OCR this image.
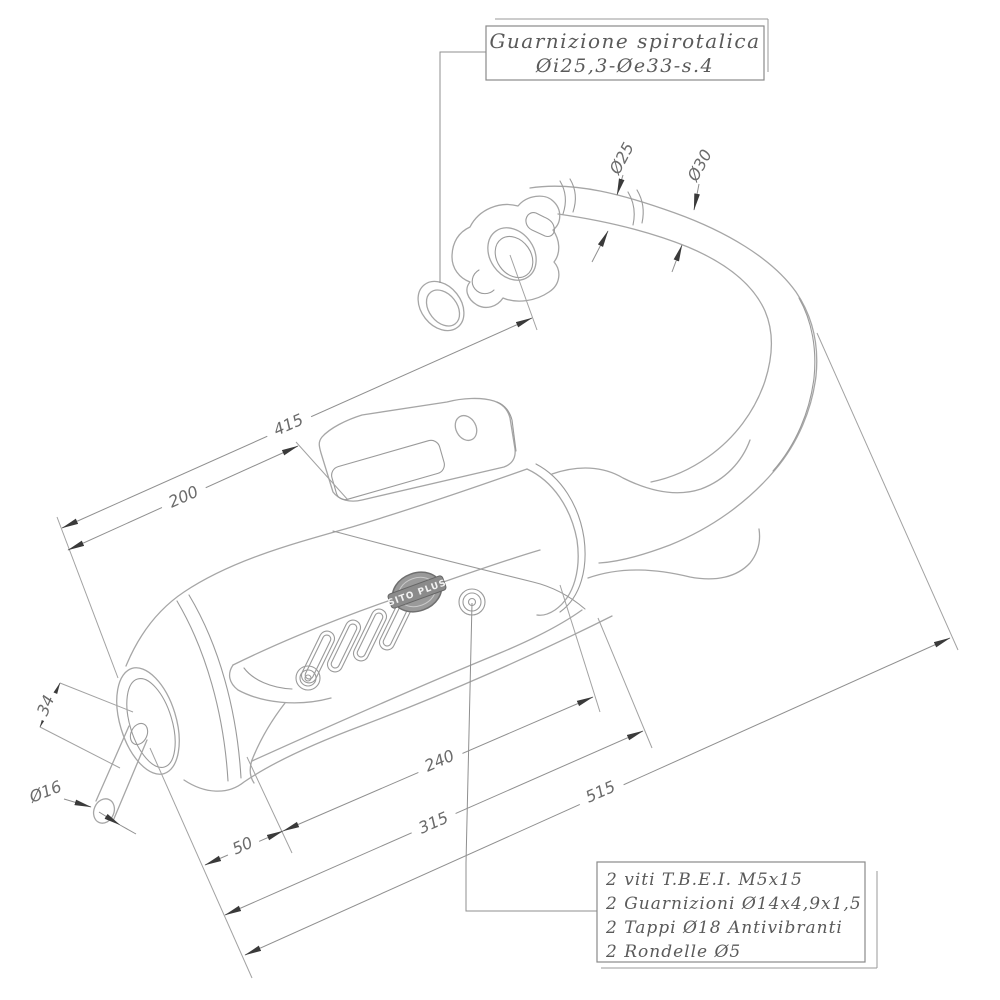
SITO PLUS
415
200
50
240
315
515
34
Ø16
Ø25	Ø30
Guarnizione spirotalica
Øi25,3-Øe33-s.4
2 viti T.B.E.I. M5x15
2 Guarnizioni Ø14x4,9x1,5
2 Tappi Ø18 Antivibranti
2 Rondelle Ø5
